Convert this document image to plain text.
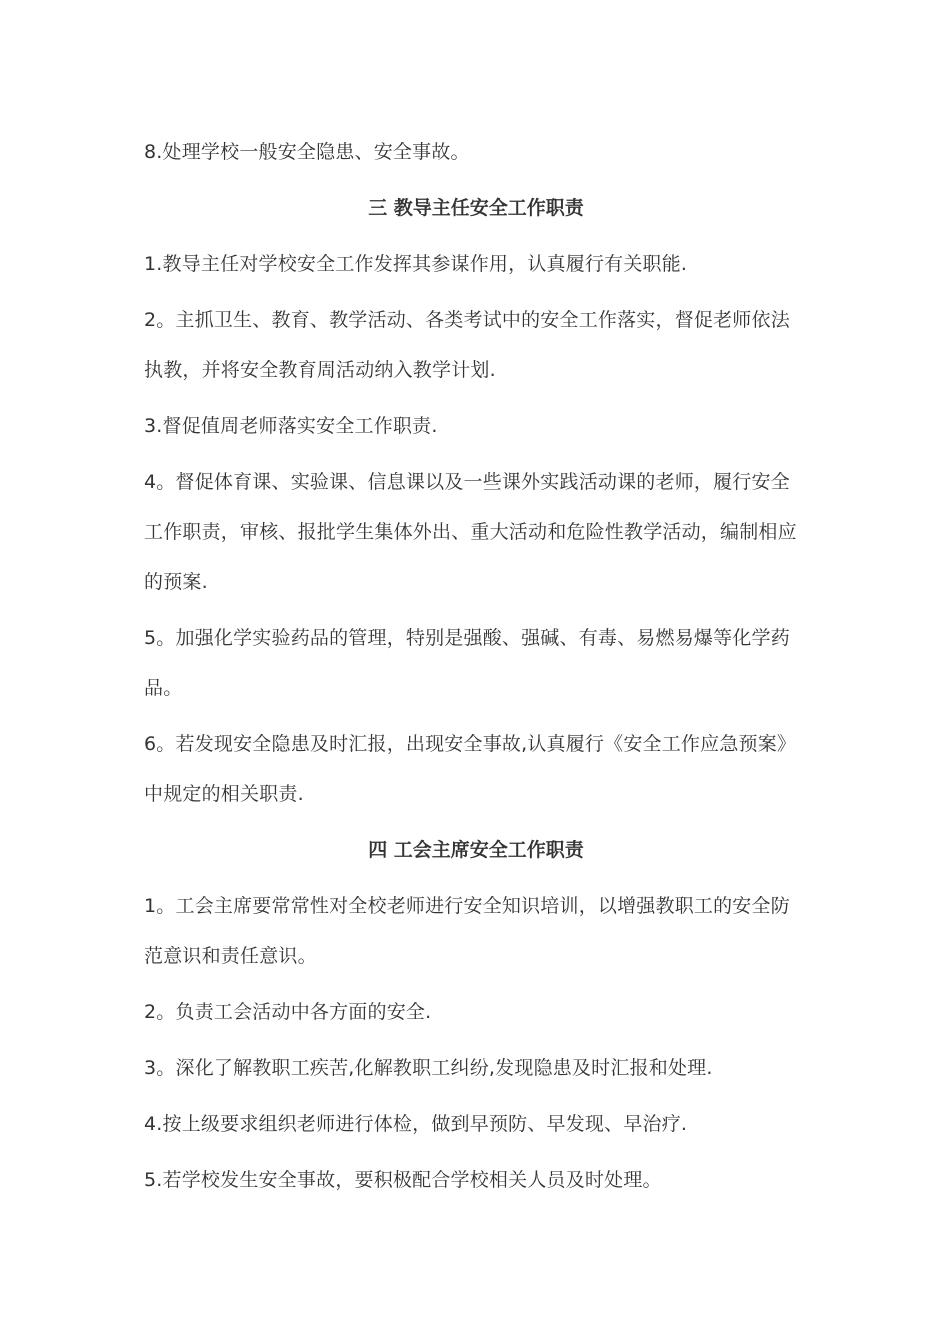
8.处理学校一般安全隐患、安全事故。

三 教导主任安全工作职责

1.教导主任对学校安全工作发挥其参谋作用，认真履行有关职能.

2。主抓卫生、教育、教学活动、各类考试中的安全工作落实，督促老师依法执教，并将安全教育周活动纳入教学计划.

3.督促值周老师落实安全工作职责.

4。督促体育课、实验课、信息课以及一些课外实践活动课的老师，履行安全工作职责，审核、报批学生集体外出、重大活动和危险性教学活动，编制相应的预案.

5。加强化学实验药品的管理，特别是强酸、强碱、有毒、易燃易爆等化学药品。

6。若发现安全隐患及时汇报，出现安全事故,认真履行《安全工作应急预案》中规定的相关职责.

四 工会主席安全工作职责

1。工会主席要常常性对全校老师进行安全知识培训，以增强教职工的安全防范意识和责任意识。

2。负责工会活动中各方面的安全.

3。深化了解教职工疾苦,化解教职工纠纷,发现隐患及时汇报和处理.

4.按上级要求组织老师进行体检，做到早预防、早发现、早治疗.

5.若学校发生安全事故，要积极配合学校相关人员及时处理。
